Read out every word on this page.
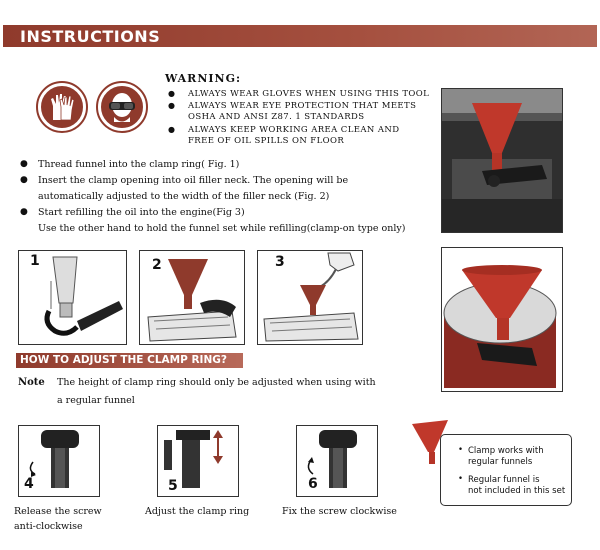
INSTRUCTIONS
WARNING:
● ALWAYS WEAR GLOVES WHEN USING THIS TOOL
● ALWAYS WEAR EYE PROTECTION THAT MEETS
OSHA AND ANSI Z87. 1 STANDARDS
● ALWAYS KEEP WORKING AREA CLEAN AND
FREE OF OIL SPILLS ON FLOOR
● Thread funnel into the clamp ring( Fig. 1)
● Insert the clamp opening into oil filler neck. The opening will be
automatically adjusted to the width of the filler neck (Fig. 2)
● Start refilling the oil into the engine(Fig 3)
Use the other hand to hold the funnel set while refilling(clamp-on type only)
1	2	3
HOW TO ADJUST THE CLAMP RING?
Note The height of clamp ring should only be adjusted when using with
a regular funnel
4	5	6
Release the screw
anti-clockwise
Adjust the clamp ring	Fix the screw clockwise
• Clamp works with
regular funnels
• Regular funnel is
not included in this set
